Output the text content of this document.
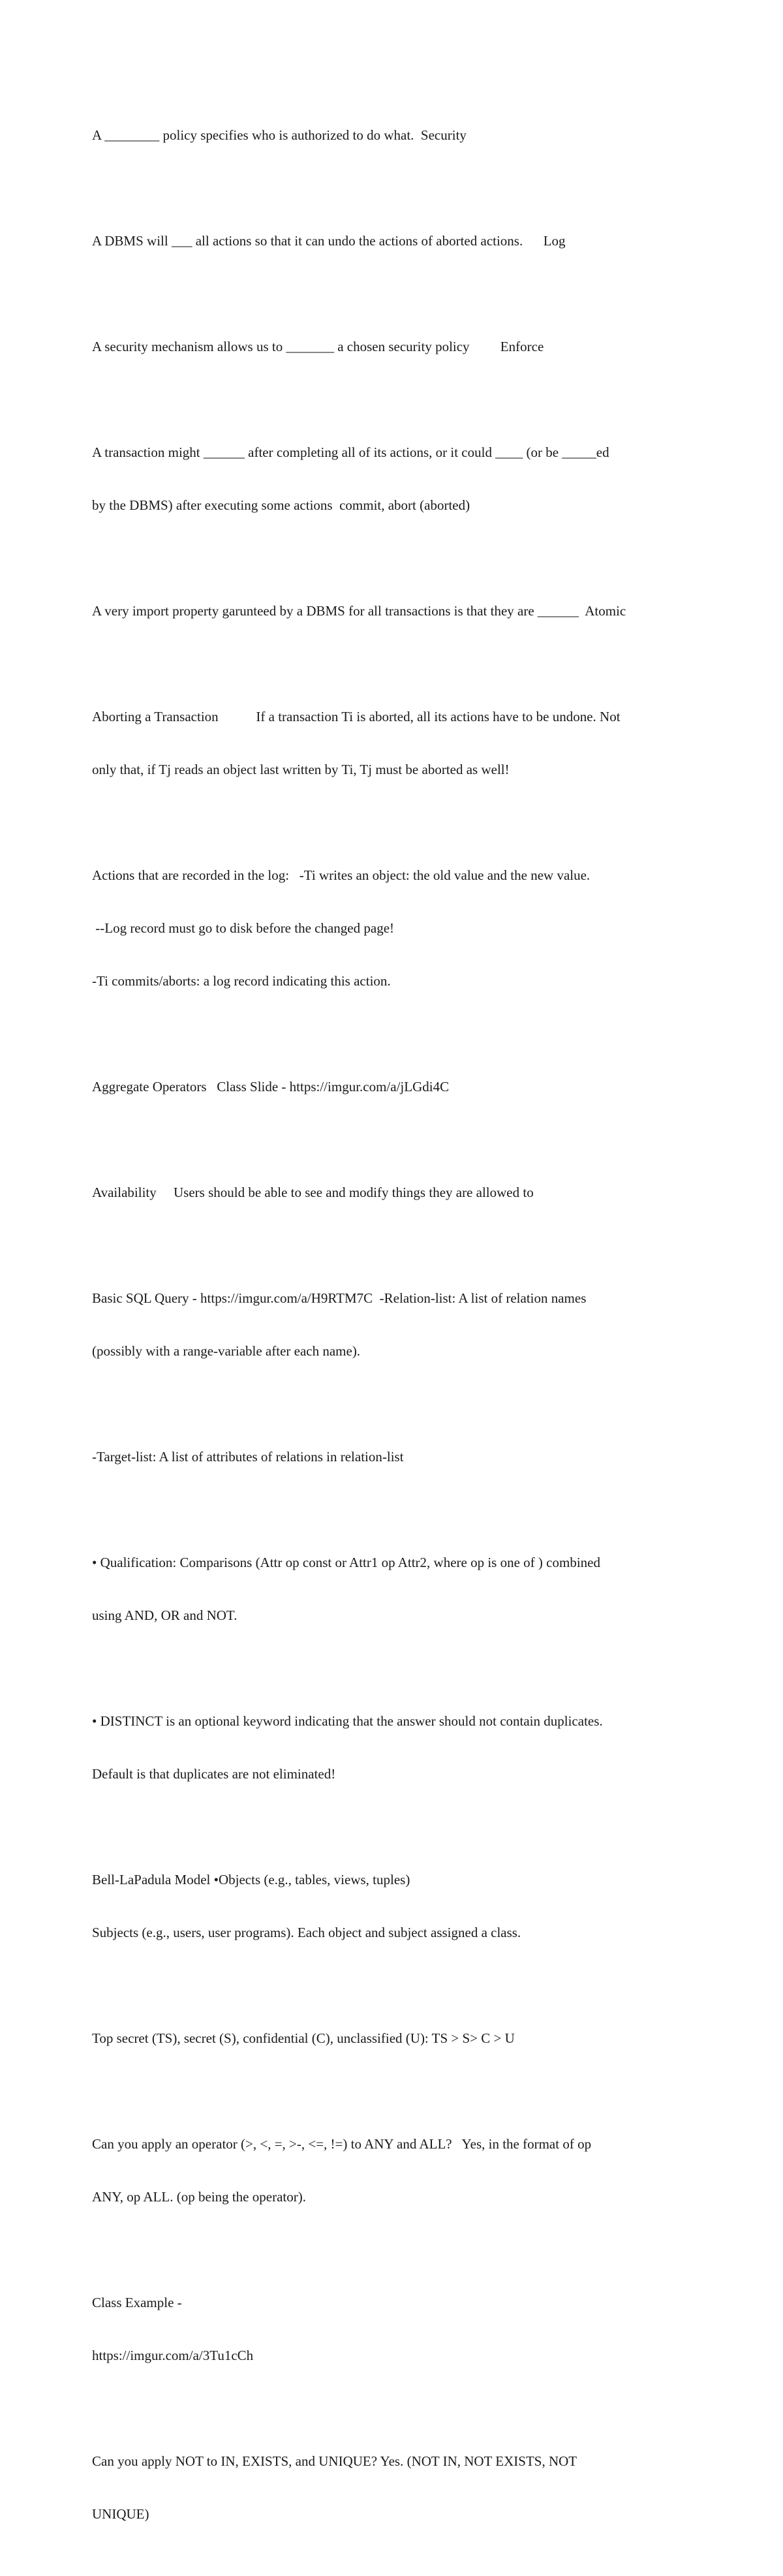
A ________ policy specifies who is authorized to do what.  Security

A DBMS will ___ all actions so that it can undo the actions of aborted actions.      Log

A security mechanism allows us to _______ a chosen security policy         Enforce

A transaction might ______ after completing all of its actions, or it could ____ (or be _____ed

by the DBMS) after executing some actions  commit, abort (aborted)

A very import property garunteed by a DBMS for all transactions is that they are ______  Atomic

Aborting a Transaction           If a transaction Ti is aborted, all its actions have to be undone. Not

only that, if Tj reads an object last written by Ti, Tj must be aborted as well!

Actions that are recorded in the log:   -Ti writes an object: the old value and the new value.

--Log record must go to disk before the changed page!

-Ti commits/aborts: a log record indicating this action.

Aggregate Operators   Class Slide - https://imgur.com/a/jLGdi4C

Availability     Users should be able to see and modify things they are allowed to

Basic SQL Query - https://imgur.com/a/H9RTM7C  -Relation-list: A list of relation names

(possibly with a range-variable after each name).

-Target-list: A list of attributes of relations in relation-list

• Qualification: Comparisons (Attr op const or Attr1 op Attr2, where op is one of ) combined

using AND, OR and NOT.

• DISTINCT is an optional keyword indicating that the answer should not contain duplicates.

Default is that duplicates are not eliminated!

Bell-LaPadula Model •Objects (e.g., tables, views, tuples)

Subjects (e.g., users, user programs). Each object and subject assigned a class.

Top secret (TS), secret (S), confidential (C), unclassified (U): TS > S> C > U

Can you apply an operator (>, <, =, >-, <=, !=) to ANY and ALL?   Yes, in the format of op

ANY, op ALL. (op being the operator).

Class Example -

https://imgur.com/a/3Tu1cCh

Can you apply NOT to IN, EXISTS, and UNIQUE? Yes. (NOT IN, NOT EXISTS, NOT

UNIQUE)
